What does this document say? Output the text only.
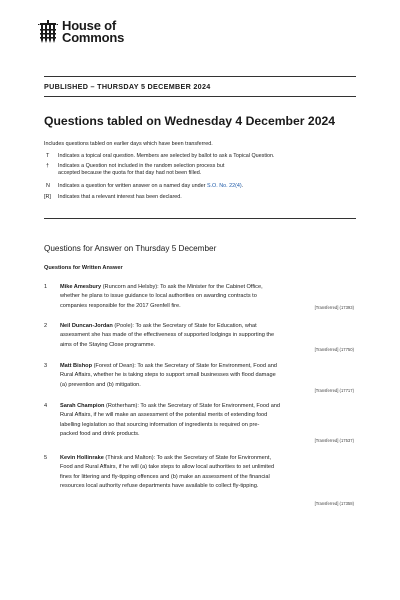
House of
Commons
PUBLISHED – THURSDAY 5 DECEMBER 2024
Questions tabled on Wednesday 4 December 2024
Includes questions tabled on earlier days which have been transferred.
T	Indicates a topical oral question. Members are selected by ballot to ask a Topical Question.
†	Indicates a Question not included in the random selection process but
accepted because the quota for that day had not been filled.
N	Indicates a question for written answer on a named day under S.O. No. 22(4).
[R]	Indicates that a relevant interest has been declared.
Questions for Answer on Thursday 5 December
Questions for Written Answer
1 Mike Amesbury (Runcorn and Helsby): To ask the Minister for the Cabinet Office,
whether he plans to issue guidance to local authorities on awarding contracts to
companies responsible for the 2017 Grenfell fire.	[Transferred] (17393)
2 Neil Duncan-Jordan (Poole): To ask the Secretary of State for Education, what
assessment she has made of the effectiveness of supported lodgings in supporting the
aims of the Staying Close programme.
[Transferred] (17750)
3 Matt Bishop (Forest of Dean): To ask the Secretary of State for Environment, Food and
Rural Affairs, whether he is taking steps to support small businesses with flood damage
(a) prevention and (b) mitigation.
[Transferred] (17717)
4 Sarah Champion (Rotherham): To ask the Secretary of State for Environment, Food and
Rural Affairs, if he will make an assessment of the potential merits of extending food
labelling legislation so that sourcing information of ingredients is required on pre-
packed food and drink products.
[Transferred] (17537)
5 Kevin Hollinrake (Thirsk and Malton): To ask the Secretary of State for Environment,
Food and Rural Affairs, if he will (a) take steps to allow local authorities to set unlimited
fines for littering and fly-tipping offences and (b) make an assessment of the financial
resources local authority refuse departments have available to collect fly-tipping.
[Transferred] (17358)
